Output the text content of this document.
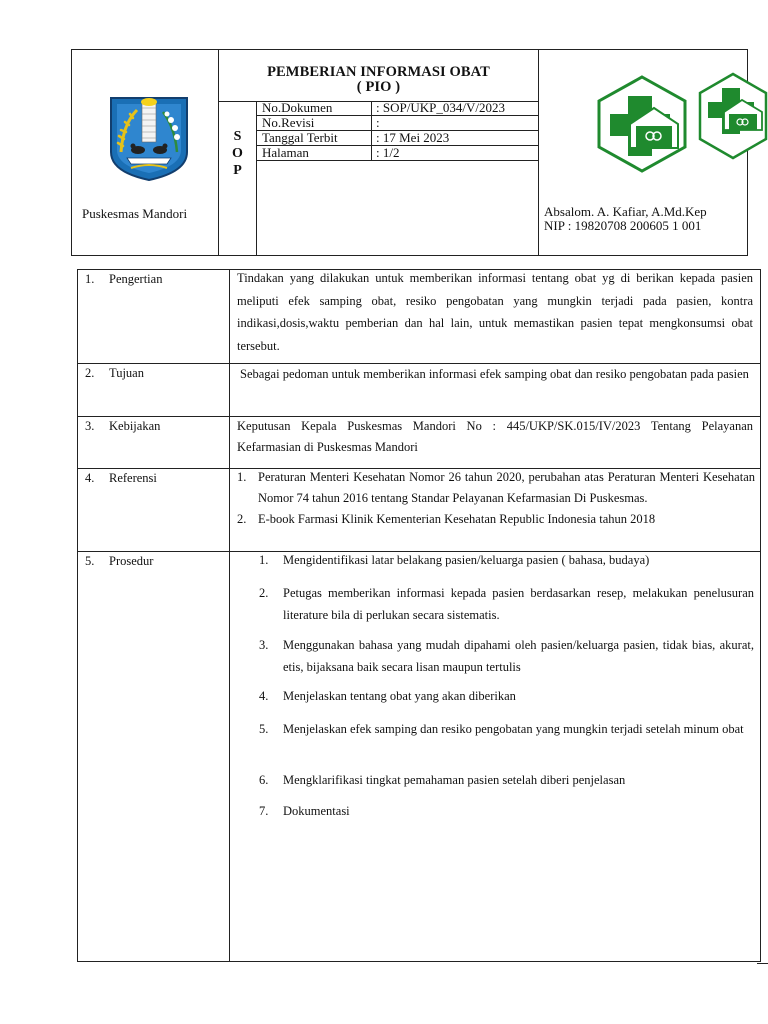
Puskesmas Mandori
PEMBERIAN INFORMASI OBAT
( PIO )
S
O
P
No.Dokumen	: SOP/UKP_034/V/2023
No.Revisi	:
Tanggal Terbit	: 17 Mei 2023
Halaman	: 1/2
Absalom. A. Kafiar, A.Md.Kep
NIP : 19820708 200605 1 001
1. Pengertian	Tindakan yang dilakukan untuk memberikan informasi tentang obat yg di berikan kepada pasien meliputi efek samping obat, resiko pengobatan yang mungkin terjadi pada pasien, kontra indikasi,dosis,waktu pemberian dan hal lain, untuk memastikan pasien tepat mengkonsumsi obat tersebut.
2. Tujuan	Sebagai pedoman untuk memberikan informasi efek samping obat dan resiko pengobatan pada pasien
3. Kebijakan	Keputusan Kepala Puskesmas Mandori No : 445/UKP/SK.015/IV/2023 Tentang Pelayanan Kefarmasian di Puskesmas Mandori
4. Referensi	1. Peraturan Menteri Kesehatan Nomor 26 tahun 2020, perubahan atas Peraturan Menteri Kesehatan Nomor 74 tahun 2016 tentang Standar Pelayanan Kefarmasian Di Puskesmas.
2. E-book Farmasi Klinik Kementerian Kesehatan Republic Indonesia tahun 2018
5. Prosedur	1. Mengidentifikasi latar belakang pasien/keluarga pasien ( bahasa, budaya)
2. Petugas memberikan informasi kepada pasien berdasarkan resep, melakukan penelusuran literature bila di perlukan secara sistematis.
3. Menggunakan bahasa yang mudah dipahami oleh pasien/keluarga pasien, tidak bias, akurat, etis, bijaksana baik secara lisan maupun tertulis
4. Menjelaskan tentang obat yang akan diberikan
5. Menjelaskan efek samping dan resiko pengobatan yang mungkin terjadi setelah minum obat
6. Mengklarifikasi tingkat pemahaman pasien setelah diberi penjelasan
7. Dokumentasi
